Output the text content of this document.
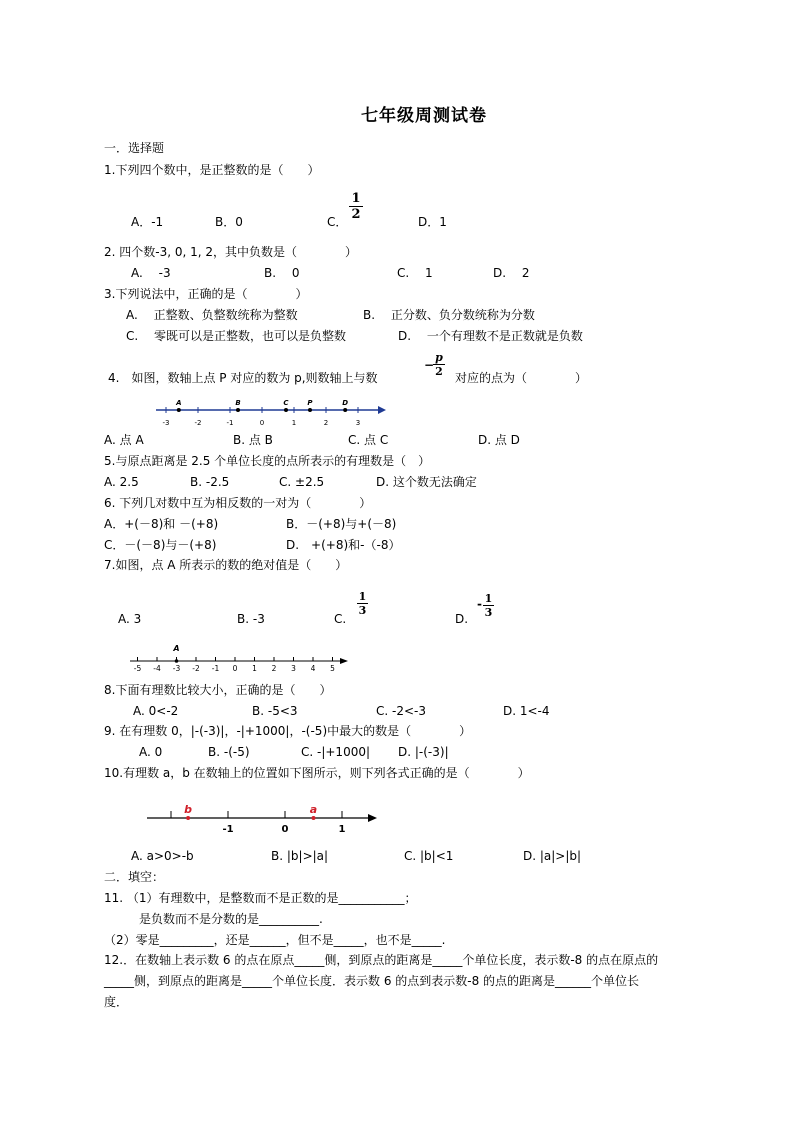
七年级周测试卷
一．选择题
1.下列四个数中，是正整数的是（　　）
A．-1	B．0	C．
1
2	D．1
2. 四个数-3, 0, 1, 2，其中负数是（　　　　）
A.　 -3	B.　 0	C.　 1	D.　 2
3.下列说法中，正确的是（　　　　）
A.　 正整数、负整数统称为整数	B.　 正分数、负分数统称为分数
C.　 零既可以是正整数，也可以是负整数	D.　 一个有理数不是正数就是负数
4.　如图，数轴上点 P 对应的数为 p,则数轴上与数
−
p
2 对应的点为（　　　　）
-3	-2	-1	0	1	2	3
A	B	C	P	D
A. 点 A	B. 点 B	C. 点 C	D. 点 D
5.与原点距离是 2.5 个单位长度的点所表示的有理数是（　）
A. 2.5	B. -2.5	C. ±2.5	D. 这个数无法确定
6. 下列几对数中互为相反数的一对为（　　　　）
A．+(－8)和 －(+8)	B．－(+8)与+(－8)
C．－(－8)与－(+8)	D.　+(+8)和-（-8）
7.如图，点 A 所表示的数的绝对值是（　　）
A. 3	B. -3	C.
1
3
D.
- 1
3
-5 -4 -3 -2 -1 0 1 2 3 4 5
A
8.下面有理数比较大小，正确的是（　　）
A. 0<-2	B. -5<3	C. -2<-3	D. 1<-4
9. 在有理数 0，|-(-3)|，-|+1000|，-(-5)中最大的数是（　　　　）
A. 0	B. -(-5)	C. -|+1000| D. |-(-3)|
10.有理数 a，b 在数轴上的位置如下图所示，则下列各式正确的是（　　　　）
-1	0	1
b	a
A. a>0>-b	B. |b|>|a|	C. |b|<1	D. |a|>|b|
二．填空：
11. （1）有理数中，是整数而不是正数的是___________；
是负数而不是分数的是__________.
（2）零是_________，还是______，但不是_____，也不是_____.
12.．在数轴上表示数 6 的点在原点_____侧，到原点的距离是_____个单位长度，表示数-8 的点在原点的
_____侧，到原点的距离是_____个单位长度．表示数 6 的点到表示数-8 的点的距离是______个单位长
度．
